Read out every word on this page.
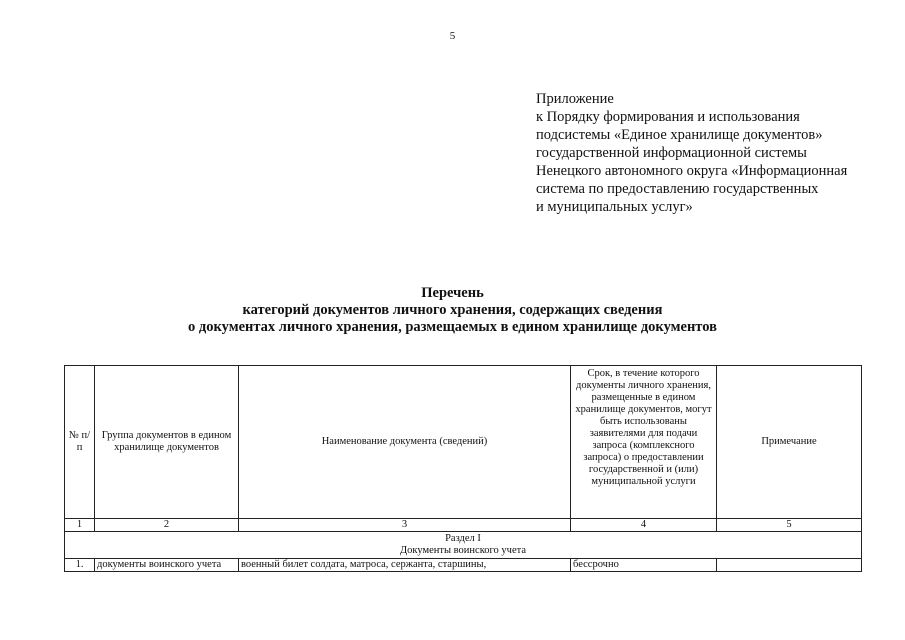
5
Приложение
к Порядку формирования и использования
подсистемы «Единое хранилище документов»
государственной информационной системы
Ненецкого автономного округа «Информационная
система по предоставлению государственных
и муниципальных услуг»
Перечень
категорий документов личного хранения, содержащих сведения
о документах личного хранения, размещаемых в едином хранилище документов
№ п/п	Группа документов в едином хранилище документов	Наименование документа (сведений)	Срок, в течение которого документы личного хранения, размещенные в едином хранилище документов, могут быть использованы заявителями для подачи запроса (комплексного запроса) о предоставлении государственной и (или) муниципальной услуги	Примечание
1	2	3	4	5

Раздел I
Документы воинского учета				

1.	документы воинского учета	военный билет солдата, матроса, сержанта, старшины,	бессрочно	
